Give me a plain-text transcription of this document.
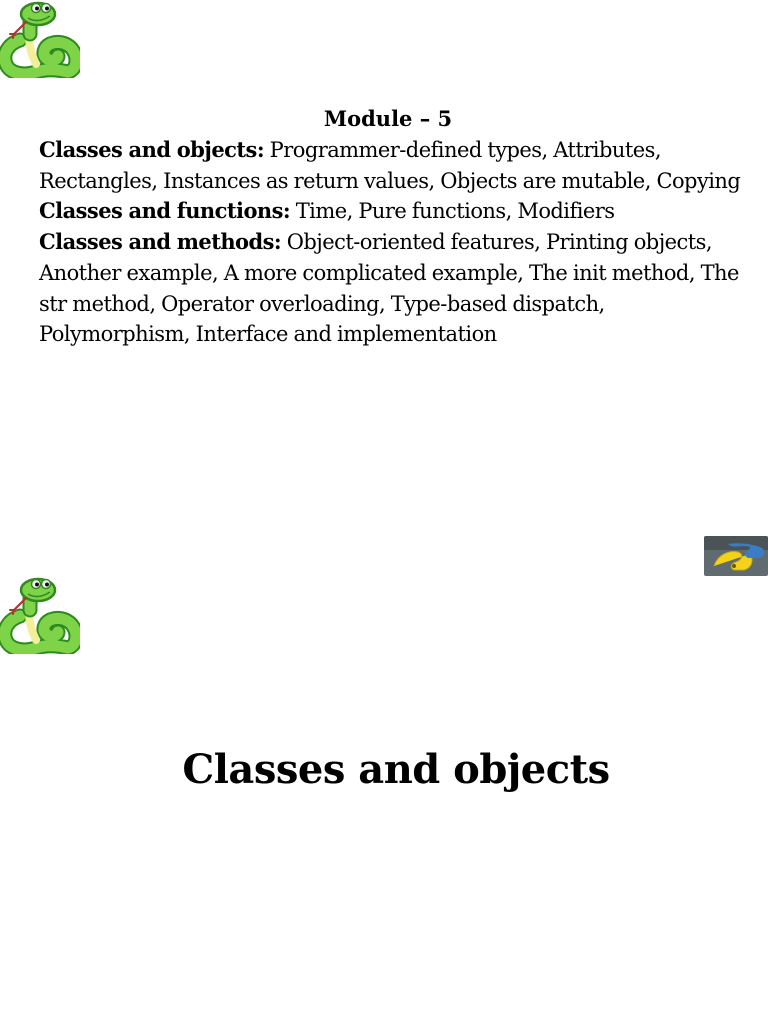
Module – 5

Classes and objects: Programmer-defined types, Attributes, Rectangles, Instances as return values, Objects are mutable, Copying

Classes and functions: Time, Pure functions, Modifiers

Classes and methods: Object-oriented features, Printing objects, Another example, A more complicated example, The init method, The str method, Operator overloading, Type-based dispatch, Polymorphism, Interface and implementation

Classes and objects
